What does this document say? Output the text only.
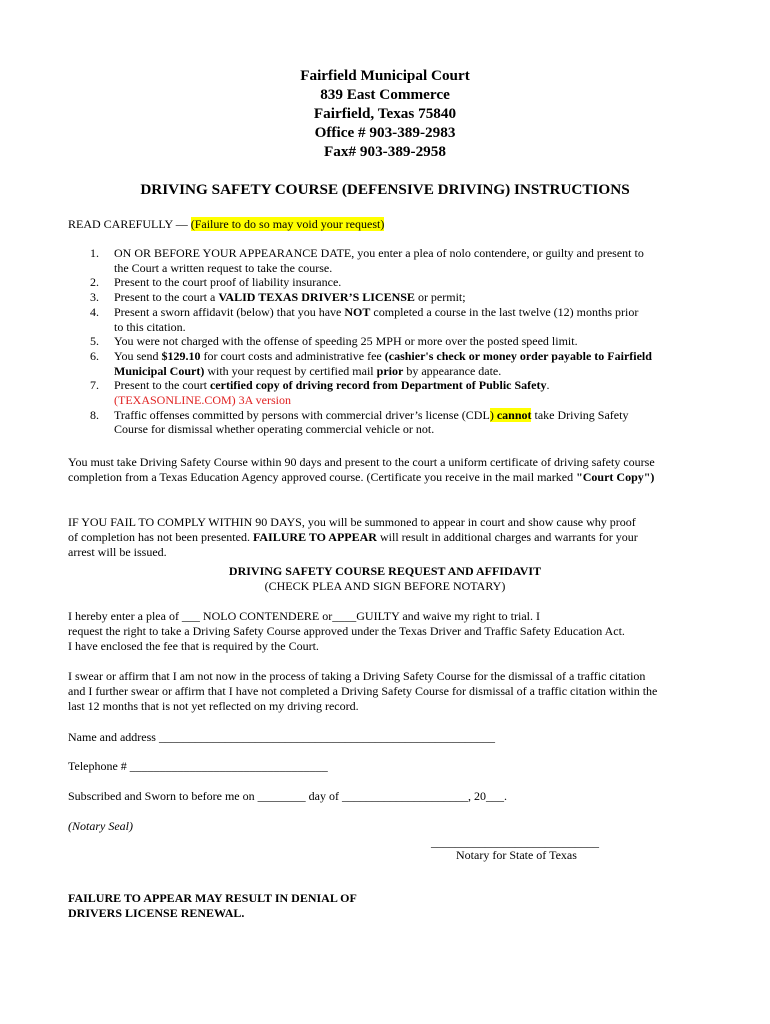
Fairfield Municipal Court
839 East Commerce
Fairfield, Texas 75840
Office # 903-389-2983
Fax# 903-389-2958
DRIVING SAFETY COURSE (DEFENSIVE DRIVING) INSTRUCTIONS
READ CAREFULLY — (Failure to do so may void your request)
1. ON OR BEFORE YOUR APPEARANCE DATE, you enter a plea of nolo contendere, or guilty and present to
the Court a written request to take the course.
2. Present to the court proof of liability insurance.
3. Present to the court a VALID TEXAS DRIVER’S LICENSE or permit;
4. Present a sworn affidavit (below) that you have NOT completed a course in the last twelve (12) months prior
to this citation.
5. You were not charged with the offense of speeding 25 MPH or more over the posted speed limit.
6. You send $129.10 for court costs and administrative fee (cashier's check or money order payable to Fairfield
Municipal Court) with your request by certified mail prior by appearance date.
7. Present to the court certified copy of driving record from Department of Public Safety.
(TEXASONLINE.COM) 3A version
8. Traffic offenses committed by persons with commercial driver’s license (CDL) cannot take Driving Safety
Course for dismissal whether operating commercial vehicle or not.
You must take Driving Safety Course within 90 days and present to the court a uniform certificate of driving safety course
completion from a Texas Education Agency approved course. (Certificate you receive in the mail marked "Court Copy")
IF YOU FAIL TO COMPLY WITHIN 90 DAYS, you will be summoned to appear in court and show cause why proof
of completion has not been presented. FAILURE TO APPEAR will result in additional charges and warrants for your
arrest will be issued.
DRIVING SAFETY COURSE REQUEST AND AFFIDAVIT
(CHECK PLEA AND SIGN BEFORE NOTARY)
I hereby enter a plea of ___ NOLO CONTENDERE or____GUILTY and waive my right to trial. I
request the right to take a Driving Safety Course approved under the Texas Driver and Traffic Safety Education Act.
I have enclosed the fee that is required by the Court.
I swear or affirm that I am not now in the process of taking a Driving Safety Course for the dismissal of a traffic citation
and I further swear or affirm that I have not completed a Driving Safety Course for dismissal of a traffic citation within the
last 12 months that is not yet reflected on my driving record.
Name and address ________________________________________________________
Telephone # _________________________________
Subscribed and Sworn to before me on ________ day of _____________________, 20___.
(Notary Seal)
____________________________
Notary for State of Texas
FAILURE TO APPEAR MAY RESULT IN DENIAL OF
DRIVERS LICENSE RENEWAL.
